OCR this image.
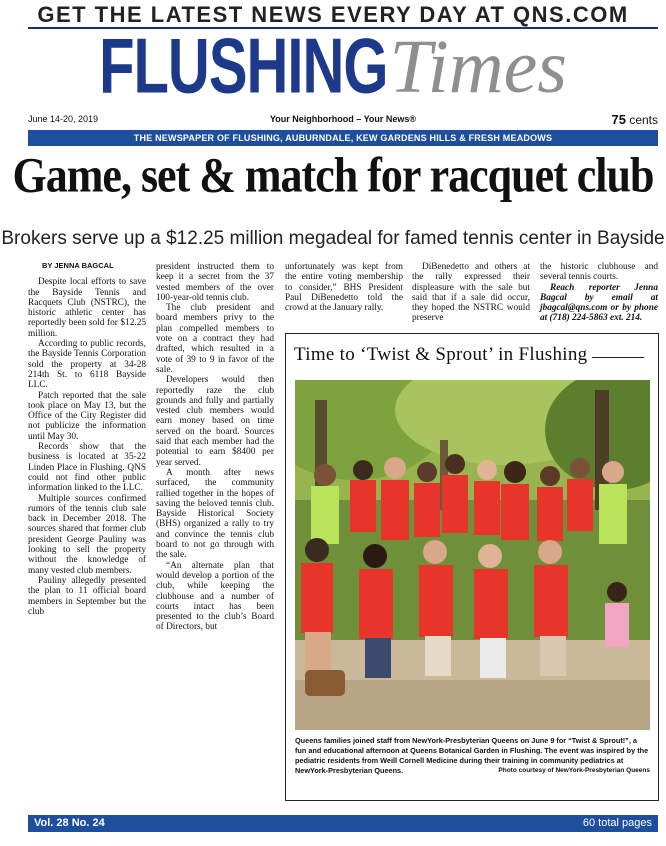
GET THE LATEST NEWS EVERY DAY AT QNS.COM
FLUSHINGTimes
June 14-20, 2019	Your Neighborhood – Your News®	75 cents
THE NEWSPAPER OF FLUSHING, AUBURNDALE, KEW GARDENS HILLS & FRESH MEADOWS
Game, set & match for racquet club
Brokers serve up a $12.25 million megadeal for famed tennis center in Bayside
BY JENNA BAGCAL

Despite local efforts to save the Bayside Tennis and Racquets Club (NSTRC), the historic athletic center has reportedly been sold for $12.25 million.

According to public records, the Bayside Tennis Corporation sold the property at 34-28 214th St. to 6118 Bayside LLC.

Patch reported that the sale took place on May 13, but the Office of the City Register did not publicize the information until May 30.

Records show that the business is located at 35-22 Linden Place in Flushing. QNS could not find other public information linked to the LLC.

Multiple sources confirmed rumors of the tennis club sale back in December 2018. The sources shared that former club president George Pauliny was looking to sell the property without the knowledge of many vested club members.

Pauliny allegedly presented the plan to 11 official board members in September but the club

president instructed them to keep it a secret from the 37 vested members of the over 100-year-old tennis club.

The club president and board members privy to the plan compelled members to vote on a contract they had drafted, which resulted in a vote of 39 to 9 in favor of the sale.

Developers would then reportedly raze the club grounds and fully and partially vested club members would earn money based on time served on the board. Sources said that each member had the potential to earn $8400 per year served.

A month after news surfaced, the community rallied together in the hopes of saving the beloved tennis club. Bayside Historical Society (BHS) organized a rally to try and convince the tennis club board to not go through with the sale.

“An alternate plan that would develop a portion of the club, while keeping the clubhouse and a number of courts intact has been presented to the club’s Board of Directors, but

unfortunately was kept from the entire voting membership to consider,” BHS President Paul DiBenedetto told the crowd at the January rally.

DiBenedetto and others at the rally expressed their displeasure with the sale but said that if a sale did occur, they hoped the NSTRC would preserve

the historic clubhouse and several tennis courts.

Reach reporter Jenna Bagcal by email at jbagcal@qns.com or by phone at (718) 224-5863 ext. 214.

Time to ‘Twist & Sprout’ in Flushing
Queens families joined staff from NewYork-Presbyterian Queens on June 9 for “Twist & Sprout!”, a fun and educational afternoon at Queens Botanical Garden in Flushing. The event was inspired by the pediatric residents from Weill Cornell Medicine during their training in community pediatrics at NewYork-Presbyterian Queens.	Photo courtesy of NewYork-Presbyterian Queens
Vol. 28 No. 24	60 total pages
